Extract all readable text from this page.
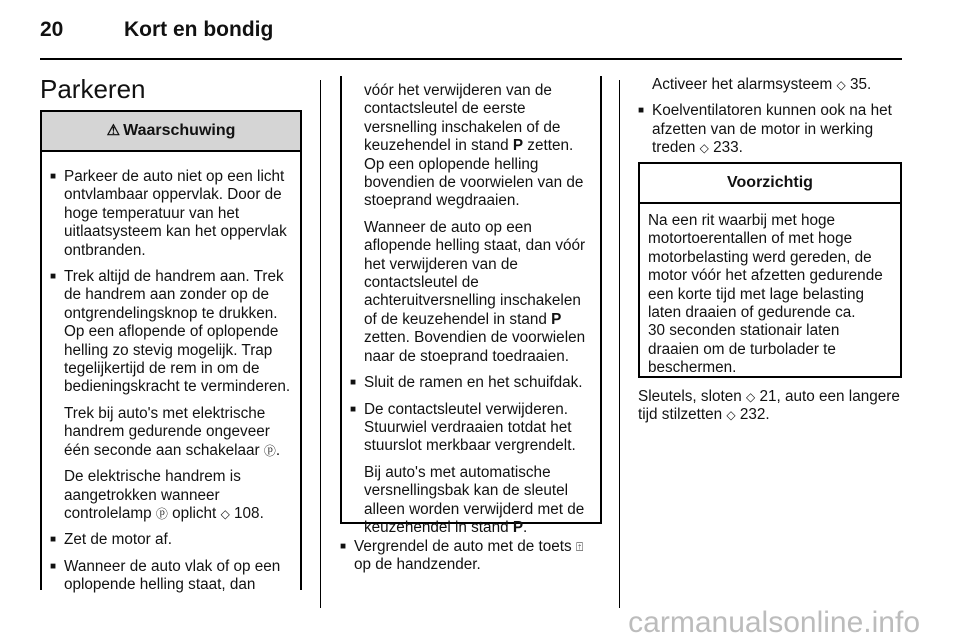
20	Kort en bondig
Parkeren
⚠ Waarschuwing
■ Parkeer de auto niet op een licht ontvlambaar oppervlak. Door de hoge temperatuur van het uitlaatsysteem kan het oppervlak ontbranden.
■ Trek altijd de handrem aan. Trek de handrem aan zonder op de ontgrendelingsknop te drukken. Op een aflopende of oplopende helling zo stevig mogelijk. Trap tegelijkertijd de rem in om de bedieningskracht te verminderen.
Trek bij auto's met elektrische handrem gedurende ongeveer één seconde aan schakelaar ⓟ.
De elektrische handrem is aangetrokken wanneer controlelamp ⓟ oplicht ◇ 108.
■ Zet de motor af.
■ Wanneer de auto vlak of op een oplopende helling staat, dan
vóór het verwijderen van de contactsleutel de eerste versnelling inschakelen of de keuzehendel in stand P zetten. Op een oplopende helling bovendien de voorwielen van de stoeprand wegdraaien.
Wanneer de auto op een aflopende helling staat, dan vóór het verwijderen van de contactsleutel de achteruitversnelling inschakelen of de keuzehendel in stand P zetten. Bovendien de voorwielen naar de stoeprand toedraaien.
■ Sluit de ramen en het schuifdak.
■ De contactsleutel verwijderen. Stuurwiel verdraaien totdat het stuurslot merkbaar vergrendelt.
Bij auto's met automatische versnellingsbak kan de sleutel alleen worden verwijderd met de keuzehendel in stand P.
■ Vergrendel de auto met de toets ⍐ op de handzender.
Activeer het alarmsysteem ◇ 35.
■ Koelventilatoren kunnen ook na het afzetten van de motor in werking treden ◇ 233.
Voorzichtig
Na een rit waarbij met hoge motortoerentallen of met hoge motorbelasting werd gereden, de motor vóór het afzetten gedurende een korte tijd met lage belasting laten draaien of gedurende ca.
30 seconden stationair laten draaien om de turbolader te beschermen.
Sleutels, sloten ◇ 21, auto een langere tijd stilzetten ◇ 232.
carmanualsonline.info
